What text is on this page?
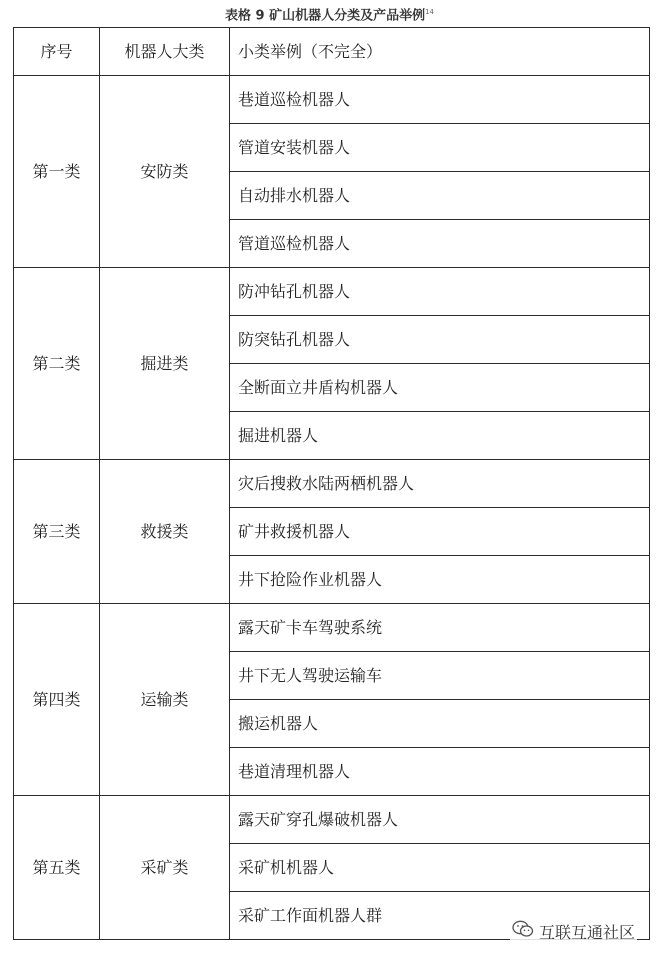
表格 9 矿山机器人分类及产品举例$^{14}$
序号	机器人大类	小类举例（不完全）
第一类	安防类	巷道巡检机器人
		管道安装机器人
		自动排水机器人
		管道巡检机器人
第二类	掘进类	防冲钻孔机器人
		防突钻孔机器人
		全断面立井盾构机器人
		掘进机器人
第三类	救援类	灾后搜救水陆两栖机器人
		矿井救援机器人
		井下抢险作业机器人
第四类	运输类	露天矿卡车驾驶系统
		井下无人驾驶运输车
		搬运机器人
		巷道清理机器人
第五类	采矿类	露天矿穿孔爆破机器人
		采矿机机器人
		采矿工作面机器人群
互联互通社区
